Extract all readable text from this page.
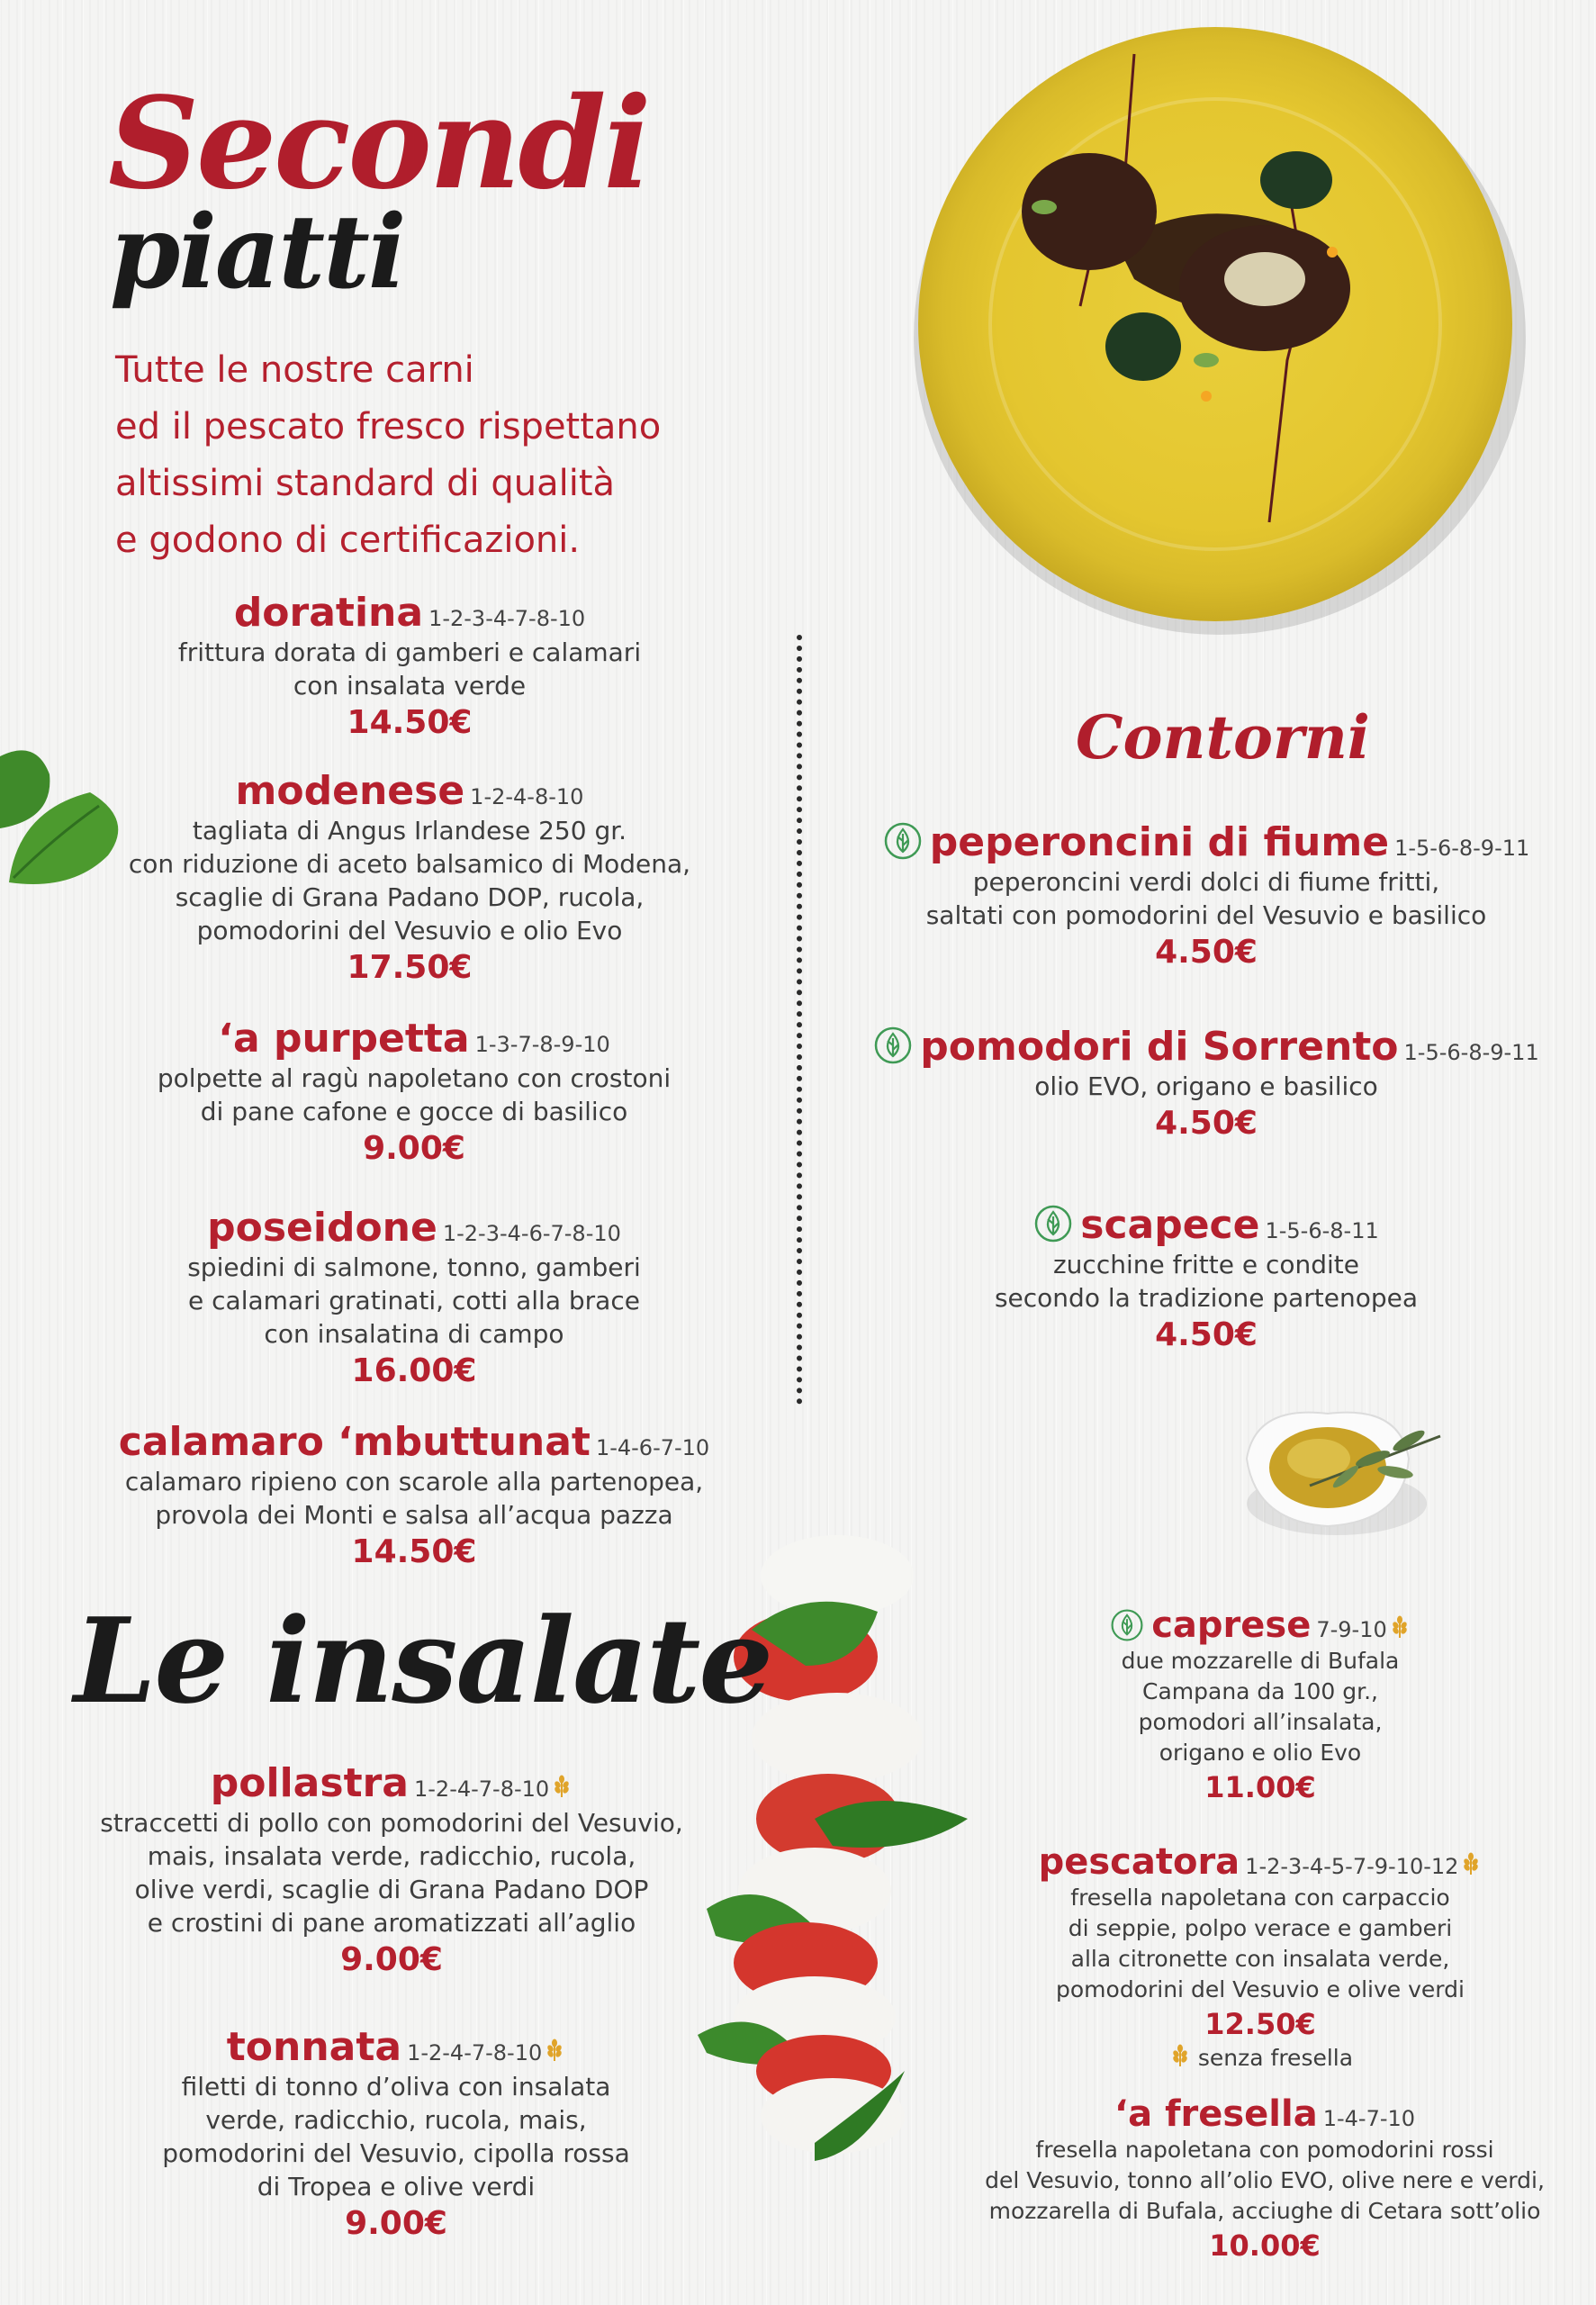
Secondi
piatti
Tutte le nostre carni
ed il pescato fresco rispettano
altissimi standard di qualità
e godono di certificazioni.
doratina 1-2-3-4-7-8-10
frittura dorata di gamberi e calamari
con insalata verde
14.50€
modenese 1-2-4-8-10
tagliata di Angus Irlandese 250 gr.
con riduzione di aceto balsamico di Modena,
scaglie di Grana Padano DOP, rucola,
pomodorini del Vesuvio e olio Evo
17.50€
‘a purpetta 1-3-7-8-9-10
polpette al ragù napoletano con crostoni
di pane cafone e gocce di basilico
9.00€
poseidone 1-2-3-4-6-7-8-10
spiedini di salmone, tonno, gamberi
e calamari gratinati, cotti alla brace
con insalatina di campo
16.00€
calamaro ‘mbuttunat 1-4-6-7-10
calamaro ripieno con scarole alla partenopea,
provola dei Monti e salsa all’acqua pazza
14.50€
Contorni
peperoncini di fiume 1-5-6-8-9-11
peperoncini verdi dolci di fiume fritti,
saltati con pomodorini del Vesuvio e basilico
4.50€
pomodori di Sorrento 1-5-6-8-9-11
olio EVO, origano e basilico
4.50€
scapece 1-5-6-8-11
zucchine fritte e condite
secondo la tradizione partenopea
4.50€
Le insalate
pollastra 1-2-4-7-8-10
straccetti di pollo con pomodorini del Vesuvio,
mais, insalata verde, radicchio, rucola,
olive verdi, scaglie di Grana Padano DOP
e crostini di pane aromatizzati all’aglio
9.00€
tonnata 1-2-4-7-8-10
filetti di tonno d’oliva con insalata
verde, radicchio, rucola, mais,
pomodorini del Vesuvio, cipolla rossa
di Tropea e olive verdi
9.00€
caprese 7-9-10
due mozzarelle di Bufala
Campana da 100 gr.,
pomodori all’insalata,
origano e olio Evo
11.00€
pescatora 1-2-3-4-5-7-9-10-12
fresella napoletana con carpaccio
di seppie, polpo verace e gamberi
alla citronette con insalata verde,
pomodorini del Vesuvio e olive verdi
12.50€
senza fresella
‘a fresella 1-4-7-10
fresella napoletana con pomodorini rossi
del Vesuvio, tonno all’olio EVO, olive nere e verdi,
mozzarella di Bufala, acciughe di Cetara sott’olio
10.00€
